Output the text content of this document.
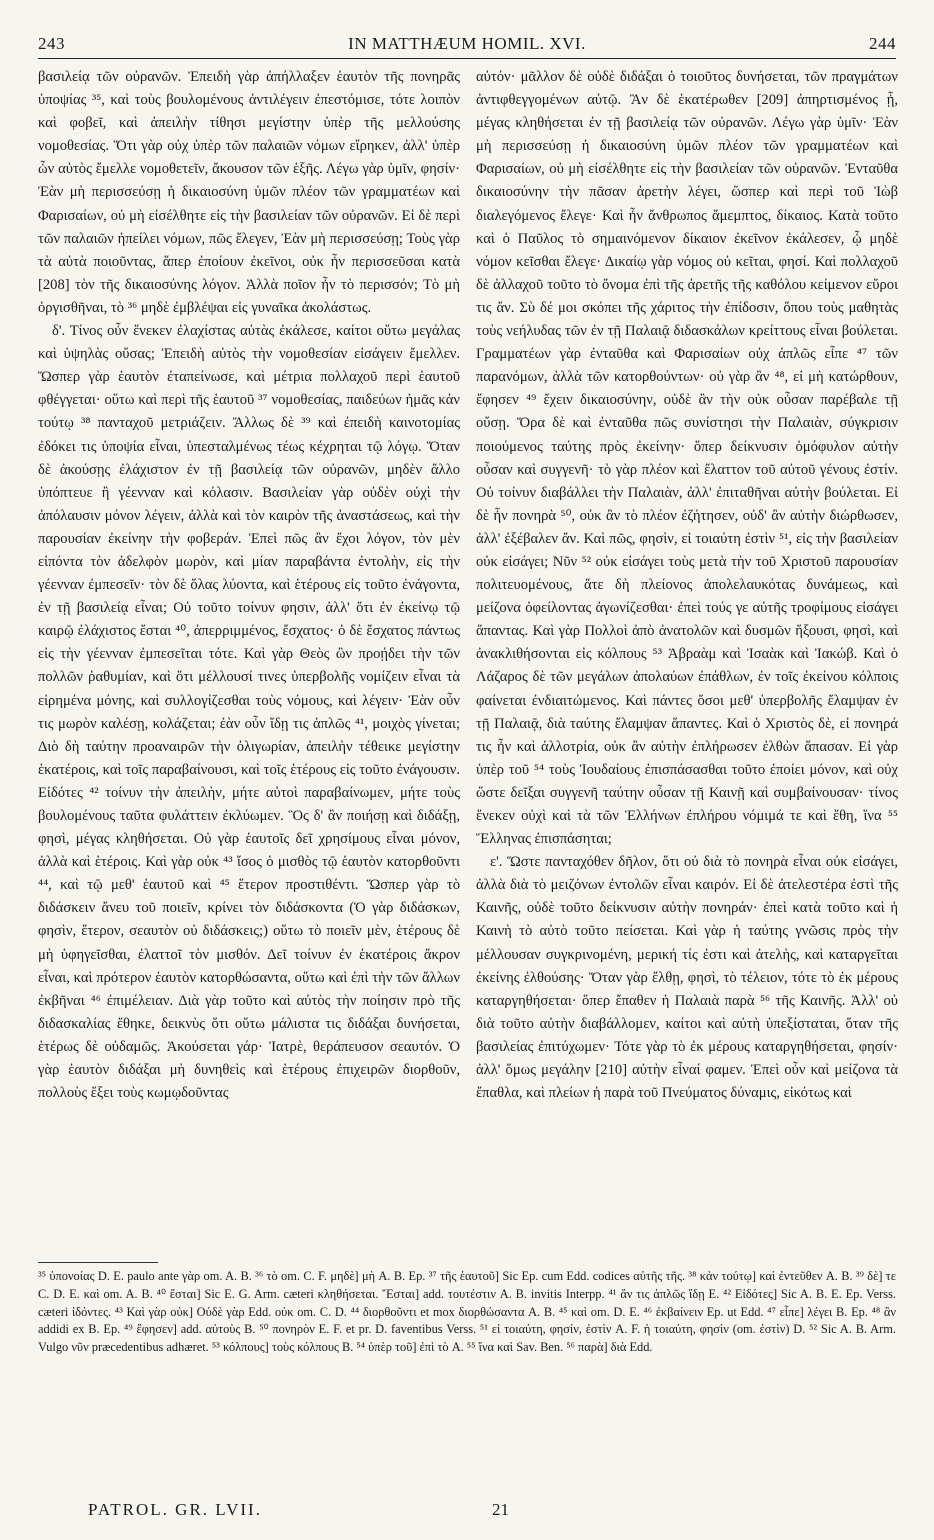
243	IN MATTHÆUM HOMIL. XVI.	244

βασιλείᾳ τῶν οὐρανῶν. Ἐπειδὴ γὰρ ἀπήλλαξεν ἑαυτὸν τῆς πονηρᾶς ὑποψίας ³⁵, καὶ τοὺς βουλομένους ἀντιλέγειν ἐπεστόμισε, τότε λοιπὸν καὶ φοβεῖ, καὶ ἀπειλὴν τίθησι μεγίστην ὑπὲρ τῆς μελλούσης νομοθεσίας. Ὅτι γὰρ οὐχ ὑπὲρ τῶν παλαιῶν νόμων εἴρηκεν, ἀλλ' ὑπὲρ ὧν αὐτὸς ἔμελλε νομοθετεῖν, ἄκουσον τῶν ἑξῆς. Λέγω γὰρ ὑμῖν, φησίν· Ἐὰν μὴ περισσεύσῃ ἡ δικαιοσύνη ὑμῶν πλέον τῶν γραμματέων καὶ Φαρισαίων, οὐ μὴ εἰσέλθητε εἰς τὴν βασιλείαν τῶν οὐρανῶν. Εἰ δὲ περὶ τῶν παλαιῶν ἠπείλει νόμων, πῶς ἔλεγεν, Ἐὰν μὴ περισσεύσῃ; Τοὺς γὰρ τὰ αὐτὰ ποιοῦντας, ἅπερ ἐποίουν ἐκεῖνοι, οὐκ ἦν περισσεῦσαι κατὰ [208] τὸν τῆς δικαιοσύνης λόγον. Ἀλλὰ ποῖον ἦν τὸ περισσόν; Τὸ μὴ ὀργισθῆναι, τὸ ³⁶ μηδὲ ἐμβλέψαι εἰς γυναῖκα ἀκολάστως.

δ'. Τίνος οὖν ἕνεκεν ἐλαχίστας αὐτὰς ἐκάλεσε, καίτοι οὕτω μεγάλας καὶ ὑψηλὰς οὔσας; Ἐπειδὴ αὐτὸς τὴν νομοθεσίαν εἰσάγειν ἔμελλεν. Ὥσπερ γὰρ ἑαυτὸν ἐταπείνωσε, καὶ μέτρια πολλαχοῦ περὶ ἑαυτοῦ φθέγγεται· οὕτω καὶ περὶ τῆς ἑαυτοῦ ³⁷ νομοθεσίας, παιδεύων ἡμᾶς κἀν τούτῳ ³⁸ πανταχοῦ μετριάζειν. Ἄλλως δὲ ³⁹ καὶ ἐπειδὴ καινοτομίας ἐδόκει τις ὑποψία εἶναι, ὑπεσταλμένως τέως κέχρηται τῷ λόγῳ. Ὅταν δὲ ἀκούσῃς ἐλάχιστον ἐν τῇ βασιλείᾳ τῶν οὐρανῶν, μηδὲν ἄλλο ὑπόπτευε ἢ γέενναν καὶ κόλασιν. Βασιλείαν γὰρ οὐδὲν οὐχὶ τὴν ἀπόλαυσιν μόνον λέγειν, ἀλλὰ καὶ τὸν καιρὸν τῆς ἀναστάσεως, καὶ τὴν παρουσίαν ἐκείνην τὴν φοβεράν. Ἐπεὶ πῶς ἂν ἔχοι λόγον, τὸν μὲν εἰπόντα τὸν ἀδελφὸν μωρὸν, καὶ μίαν παραβάντα ἐντολὴν, εἰς τὴν γέενναν ἐμπεσεῖν· τὸν δὲ ὅλας λύοντα, καὶ ἑτέρους εἰς τοῦτο ἐνάγοντα, ἐν τῇ βασιλείᾳ εἶναι; Οὐ τοῦτο τοίνυν φησιν, ἀλλ' ὅτι ἐν ἐκείνῳ τῷ καιρῷ ἐλάχιστος ἔσται ⁴⁰, ἀπερριμμένος, ἔσχατος· ὁ δὲ ἔσχατος πάντως εἰς τὴν γέενναν ἐμπεσεῖται τότε. Καὶ γὰρ Θεὸς ὢν προῄδει τὴν τῶν πολλῶν ῥαθυμίαν, καὶ ὅτι μέλλουσί τινες ὑπερβολῆς νομίζειν εἶναι τὰ εἰρημένα μόνης, καὶ συλλογίζεσθαι τοὺς νόμους, καὶ λέγειν· Ἐὰν οὖν τις μωρὸν καλέσῃ, κολάζεται; ἐὰν οὖν ἴδῃ τις ἁπλῶς ⁴¹, μοιχὸς γίνεται; Διὸ δὴ ταύτην προαναιρῶν τὴν ὀλιγωρίαν, ἀπειλὴν τέθεικε μεγίστην ἑκατέροις, καὶ τοῖς παραβαίνουσι, καὶ τοῖς ἑτέρους εἰς τοῦτο ἐνάγουσιν. Εἰδότες ⁴² τοίνυν τὴν ἀπειλὴν, μήτε αὐτοὶ παραβαίνωμεν, μήτε τοὺς βουλομένους ταῦτα φυλάττειν ἐκλύωμεν. Ὃς δ' ἂν ποιήσῃ καὶ διδάξῃ, φησὶ, μέγας κληθήσεται. Οὐ γὰρ ἑαυτοῖς δεῖ χρησίμους εἶναι μόνον, ἀλλὰ καὶ ἑτέροις. Καὶ γὰρ οὐκ ⁴³ ἴσος ὁ μισθὸς τῷ ἑαυτὸν κατορθοῦντι ⁴⁴, καὶ τῷ μεθ' ἑαυτοῦ καὶ ⁴⁵ ἕτερον προστιθέντι. Ὥσπερ γὰρ τὸ διδάσκειν ἄνευ τοῦ ποιεῖν, κρίνει τὸν διδάσκοντα (Ὁ γὰρ διδάσκων, φησὶν, ἕτερον, σεαυτὸν οὐ διδάσκεις;) οὕτω τὸ ποιεῖν μὲν, ἑτέρους δὲ μὴ ὑφηγεῖσθαι, ἐλαττοῖ τὸν μισθόν. Δεῖ τοίνυν ἐν ἑκατέροις ἄκρον εἶναι, καὶ πρότερον ἑαυτὸν κατορθώσαντα, οὕτω καὶ ἐπὶ τὴν τῶν ἄλλων ἐκβῆναι ⁴⁶ ἐπιμέλειαν. Διὰ γὰρ τοῦτο καὶ αὐτὸς τὴν ποίησιν πρὸ τῆς διδασκαλίας ἔθηκε, δεικνὺς ὅτι οὕτω μάλιστα τις διδάξαι δυνήσεται, ἑτέρως δὲ οὐδαμῶς. Ἀκούσεται γάρ· Ἰατρὲ, θεράπευσον σεαυτόν. Ὁ γὰρ ἑαυτὸν διδάξαι μὴ δυνηθεὶς καὶ ἑτέρους ἐπιχειρῶν διορθοῦν, πολλοὺς ἕξει τοὺς κωμῳδοῦντας

αὐτόν· μᾶλλον δὲ οὐδὲ διδάξαι ὁ τοιοῦτος δυνήσεται, τῶν πραγμάτων ἀντιφθεγγομένων αὐτῷ. Ἂν δὲ ἑκατέρωθεν [209] ἀπηρτισμένος ᾖ, μέγας κληθήσεται ἐν τῇ βασιλείᾳ τῶν οὐρανῶν. Λέγω γὰρ ὑμῖν· Ἐὰν μὴ περισσεύσῃ ἡ δικαιοσύνη ὑμῶν πλέον τῶν γραμματέων καὶ Φαρισαίων, οὐ μὴ εἰσέλθητε εἰς τὴν βασιλείαν τῶν οὐρανῶν. Ἐνταῦθα δικαιοσύνην τὴν πᾶσαν ἀρετὴν λέγει, ὥσπερ καὶ περὶ τοῦ Ἰὼβ διαλεγόμενος ἔλεγε· Καὶ ἦν ἄνθρωπος ἄμεμπτος, δίκαιος. Κατὰ τοῦτο καὶ ὁ Παῦλος τὸ σημαινόμενον δίκαιον ἐκεῖνον ἐκάλεσεν, ᾧ μηδὲ νόμον κεῖσθαι ἔλεγε· Δικαίῳ γὰρ νόμος οὐ κεῖται, φησί. Καὶ πολλαχοῦ δὲ ἀλλαχοῦ τοῦτο τὸ ὄνομα ἐπὶ τῆς ἀρετῆς τῆς καθόλου κείμενον εὕροι τις ἄν. Σὺ δέ μοι σκόπει τῆς χάριτος τὴν ἐπίδοσιν, ὅπου τοὺς μαθητὰς τοὺς νεήλυδας τῶν ἐν τῇ Παλαιᾷ διδασκάλων κρείττους εἶναι βούλεται. Γραμματέων γὰρ ἐνταῦθα καὶ Φαρισαίων οὐχ ἁπλῶς εἶπε ⁴⁷ τῶν παρανόμων, ἀλλὰ τῶν κατορθούντων· οὐ γὰρ ἂν ⁴⁸, εἰ μὴ κατώρθουν, ἔφησεν ⁴⁹ ἔχειν δικαιοσύνην, οὐδὲ ἂν τὴν οὐκ οὖσαν παρέβαλε τῇ οὔσῃ. Ὅρα δὲ καὶ ἐνταῦθα πῶς συνίστησι τὴν Παλαιὰν, σύγκρισιν ποιούμενος ταύτης πρὸς ἐκείνην· ὅπερ δείκνυσιν ὁμόφυλον αὐτὴν οὖσαν καὶ συγγενῆ· τὸ γὰρ πλέον καὶ ἔλαττον τοῦ αὐτοῦ γένους ἐστίν. Οὐ τοίνυν διαβάλλει τὴν Παλαιὰν, ἀλλ' ἐπιταθῆναι αὐτὴν βούλεται. Εἰ δὲ ἦν πονηρὰ ⁵⁰, οὐκ ἂν τὸ πλέον ἐζήτησεν, οὐδ' ἂν αὐτὴν διώρθωσεν, ἀλλ' ἐξέβαλεν ἄν. Καὶ πῶς, φησὶν, εἰ τοιαύτη ἐστὶν ⁵¹, εἰς τὴν βασιλείαν οὐκ εἰσάγει; Νῦν ⁵² οὐκ εἰσάγει τοὺς μετὰ τὴν τοῦ Χριστοῦ παρουσίαν πολιτευομένους, ἅτε δὴ πλείονος ἀπολελαυκότας δυνάμεως, καὶ μείζονα ὀφείλοντας ἀγωνίζεσθαι· ἐπεὶ τούς γε αὐτῆς τροφίμους εἰσάγει ἅπαντας. Καὶ γὰρ Πολλοὶ ἀπὸ ἀνατολῶν καὶ δυσμῶν ἥξουσι, φησὶ, καὶ ἀνακλιθήσονται εἰς κόλπους ⁵³ Ἀβραὰμ καὶ Ἰσαὰκ καὶ Ἰακώβ. Καὶ ὁ Λάζαρος δὲ τῶν μεγάλων ἀπολαύων ἐπάθλων, ἐν τοῖς ἐκείνου κόλποις φαίνεται ἐνδιαιτώμενος. Καὶ πάντες ὅσοι μεθ' ὑπερβολῆς ἔλαμψαν ἐν τῇ Παλαιᾷ, διὰ ταύτης ἔλαμψαν ἅπαντες. Καὶ ὁ Χριστὸς δὲ, εἰ πονηρά τις ἦν καὶ ἀλλοτρία, οὐκ ἂν αὐτὴν ἐπλήρωσεν ἐλθὼν ἅπασαν. Εἰ γὰρ ὑπὲρ τοῦ ⁵⁴ τοὺς Ἰουδαίους ἐπισπάσασθαι τοῦτο ἐποίει μόνον, καὶ οὐχ ὥστε δεῖξαι συγγενῆ ταύτην οὖσαν τῇ Καινῇ καὶ συμβαίνουσαν· τίνος ἕνεκεν οὐχὶ καὶ τὰ τῶν Ἑλλήνων ἐπλήρου νόμιμά τε καὶ ἔθη, ἵνα ⁵⁵ Ἕλληνας ἐπισπάσηται;

ε'. Ὥστε πανταχόθεν δῆλον, ὅτι οὐ διὰ τὸ πονηρὰ εἶναι οὐκ εἰσάγει, ἀλλὰ διὰ τὸ μειζόνων ἐντολῶν εἶναι καιρόν. Εἰ δὲ ἀτελεστέρα ἐστὶ τῆς Καινῆς, οὐδὲ τοῦτο δείκνυσιν αὐτὴν πονηράν· ἐπεὶ κατὰ τοῦτο καὶ ἡ Καινὴ τὸ αὐτὸ τοῦτο πείσεται. Καὶ γὰρ ἡ ταύτης γνῶσις πρὸς τὴν μέλλουσαν συγκρινομένη, μερική τίς ἐστι καὶ ἀτελὴς, καὶ καταργεῖται ἐκείνης ἐλθούσης· Ὅταν γὰρ ἔλθῃ, φησὶ, τὸ τέλειον, τότε τὸ ἐκ μέρους καταργηθήσεται· ὅπερ ἔπαθεν ἡ Παλαιὰ παρὰ ⁵⁶ τῆς Καινῆς. Ἀλλ' οὐ διὰ τοῦτο αὐτὴν διαβάλλομεν, καίτοι καὶ αὐτὴ ὑπεξίσταται, ὅταν τῆς βασιλείας ἐπιτύχωμεν· Τότε γὰρ τὸ ἐκ μέρους καταργηθήσεται, φησίν· ἀλλ' ὅμως μεγάλην [210] αὐτὴν εἶναί φαμεν. Ἐπεὶ οὖν καὶ μείζονα τὰ ἔπαθλα, καὶ πλείων ἡ παρὰ τοῦ Πνεύματος δύναμις, εἰκότως καὶ

³⁵ ὑπονοίας D. E. paulo ante γὰρ om. A. B. ³⁶ τὸ om. C. F. μηδὲ] μὴ A. B. Ep. ³⁷ τῆς ἑαυτοῦ] Sic Ep. cum Edd. codices αὐτῆς τῆς. ³⁸ κἀν τούτῳ] καὶ ἐντεῦθεν A. B. ³⁹ δὲ] τε C. D. E. καὶ om. A. B. ⁴⁰ ἔσται] Sic E. G. Arm. cæteri κληθήσεται. Ἔσται] add. τουτέστιν A. B. invitis Interpp. ⁴¹ ἄν τις ἁπλῶς ἴδῃ E. ⁴² Εἰδότες] Sic A. B. E. Ep. Verss. cæteri ἰδόντες. ⁴³ Καὶ γὰρ οὐκ] Οὐδὲ γὰρ Edd. οὐκ om. C. D. ⁴⁴ διορθοῦντι et mox διορθώσαντα A. B. ⁴⁵ καὶ om. D. E. ⁴⁶ ἐκβαίνειν Ep. ut Edd. ⁴⁷ εἶπε] λέγει B. Ep. ⁴⁸ ἂν addidi ex B. Ep. ⁴⁹ ἔφησεν] add. αὐτοὺς B. ⁵⁰ πονηρὸν E. F. et pr. D. faventibus Verss. ⁵¹ εἰ τοιαύτη, φησίν, ἐστὶν A. F. ἡ τοιαύτη, φησὶν (om. ἐστὶν) D. ⁵² Sic A. B. Arm. Vulgo νῦν præcedentibus adhæret. ⁵³ κόλπους] τοὺς κόλπους B. ⁵⁴ ὑπὲρ τοῦ] ἐπὶ τὸ A. ⁵⁵ ἵνα καὶ Sav. Ben. ⁵⁶ παρὰ] διὰ Edd.

PATROL. GR. LVII.	21
